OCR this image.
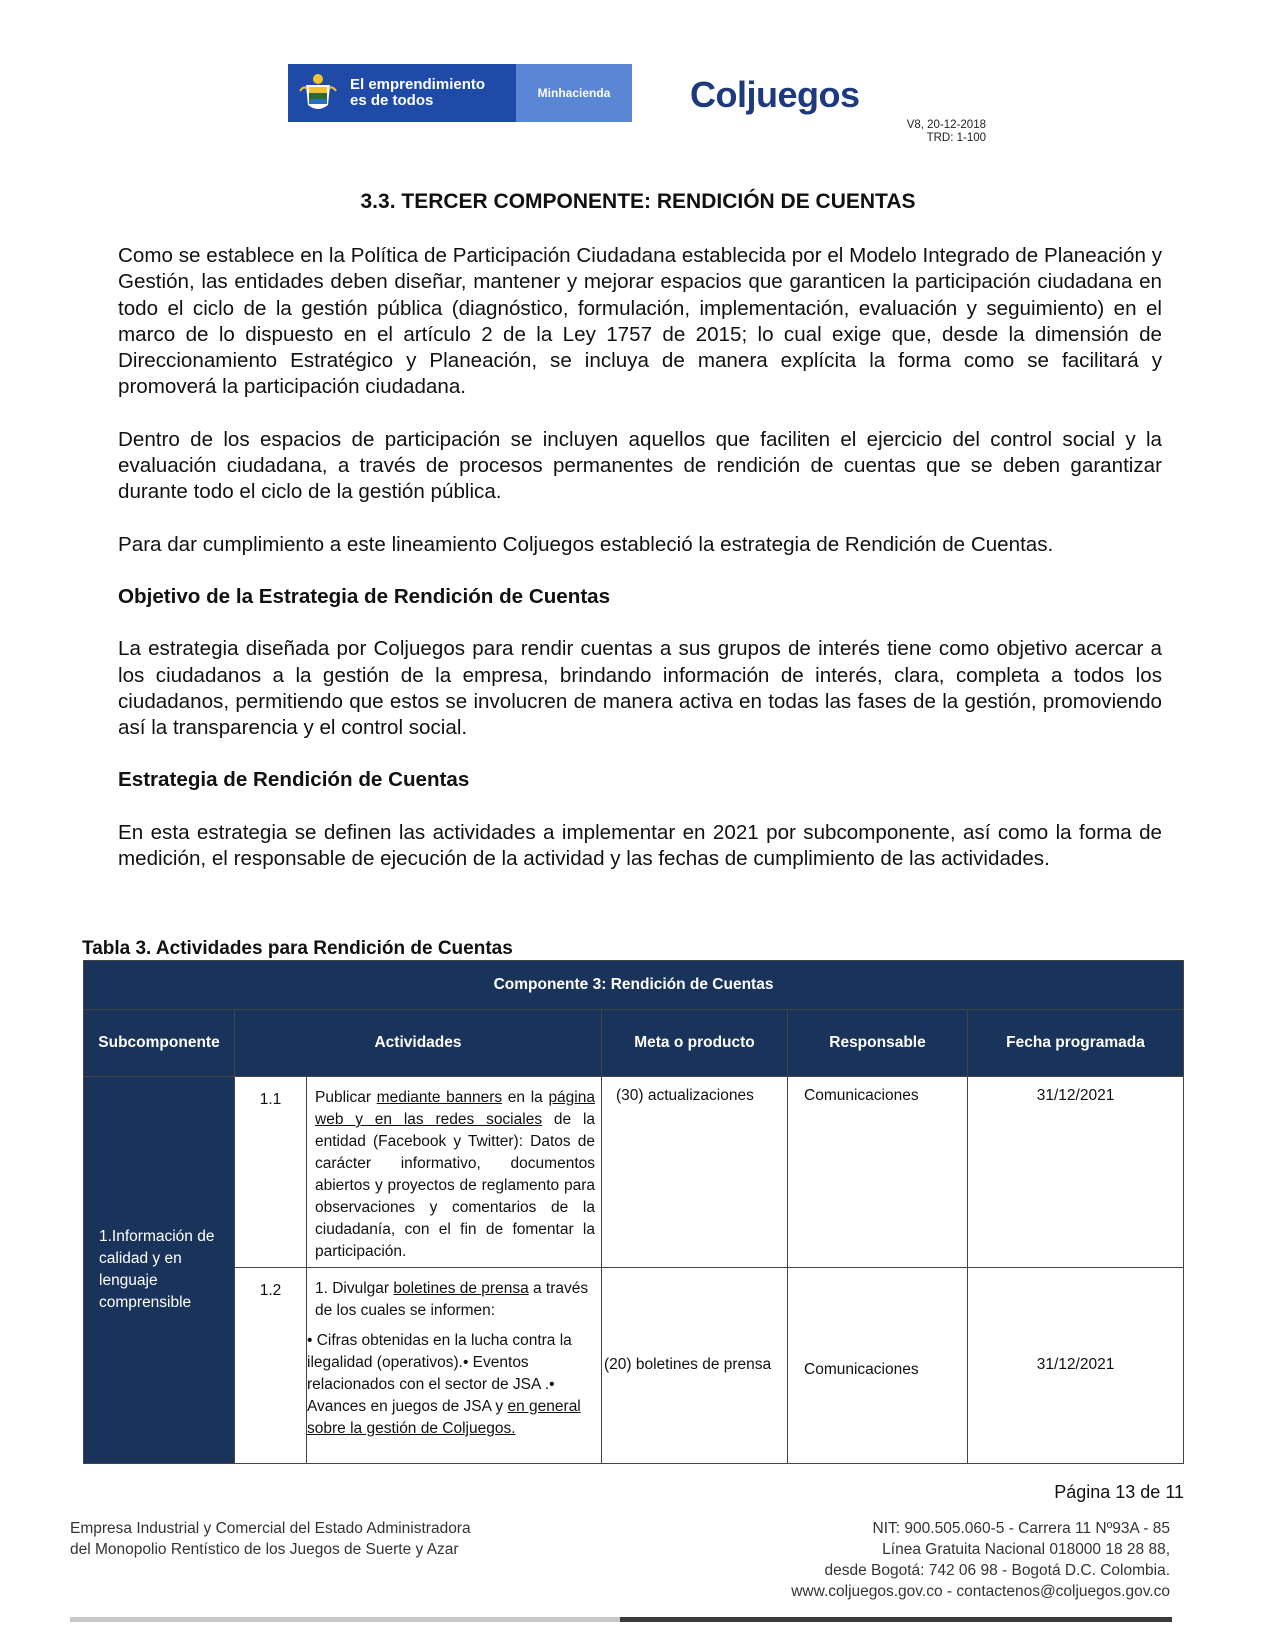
El emprendimiento
es de todos	Minhacienda	Coljuegos
V8, 20-12-2018
TRD: 1-100
3.3. TERCER COMPONENTE: RENDICIÓN DE CUENTAS

Como se establece en la Política de Participación Ciudadana establecida por el Modelo Integrado de Planeación y Gestión, las entidades deben diseñar, mantener y mejorar espacios que garanticen la participación ciudadana en todo el ciclo de la gestión pública (diagnóstico, formulación, implementación, evaluación y seguimiento) en el marco de lo dispuesto en el artículo 2 de la Ley 1757 de 2015; lo cual exige que, desde la dimensión de Direccionamiento Estratégico y Planeación, se incluya de manera explícita la forma como se facilitará y promoverá la participación ciudadana.

Dentro de los espacios de participación se incluyen aquellos que faciliten el ejercicio del control social y la evaluación ciudadana, a través de procesos permanentes de rendición de cuentas que se deben garantizar durante todo el ciclo de la gestión pública.

Para dar cumplimiento a este lineamiento Coljuegos estableció la estrategia de Rendición de Cuentas.

Objetivo de la Estrategia de Rendición de Cuentas

La estrategia diseñada por Coljuegos para rendir cuentas a sus grupos de interés tiene como objetivo acercar a los ciudadanos a la gestión de la empresa, brindando información de interés, clara, completa a todos los ciudadanos, permitiendo que estos se involucren de manera activa en todas las fases de la gestión, promoviendo así la transparencia y el control social.

Estrategia de Rendición de Cuentas

En esta estrategia se definen las actividades a implementar en 2021 por subcomponente, así como la forma de medición, el responsable de ejecución de la actividad y las fechas de cumplimiento de las actividades.

Tabla 3. Actividades para Rendición de Cuentas
Componente 3: Rendición de Cuentas					
Subcomponente	Actividades		Meta o producto	Responsable	Fecha programada
1.Información de calidad y en lenguaje comprensible	1.1	Publicar mediante banners en la página web y en las redes sociales de la entidad (Facebook y Twitter): Datos de carácter informativo, documentos abiertos y proyectos de reglamento para observaciones y comentarios de la ciudadanía, con el fin de fomentar la participación.	(30) actualizaciones	Comunicaciones	31/12/2021
	1.2	1. Divulgar boletines de prensa a través de los cuales se informen:
• Cifras obtenidas en la lucha contra la ilegalidad (operativos).• Eventos relacionados con el sector de JSA .• Avances en juegos de JSA y en general sobre la gestión de Coljuegos.	(20) boletines de prensa	Comunicaciones	31/12/2021
Página 13 de 11
Empresa Industrial y Comercial del Estado Administradora
del Monopolio Rentístico de los Juegos de Suerte y Azar
NIT: 900.505.060-5 - Carrera 11 Nº93A - 85
Línea Gratuita Nacional 018000 18 28 88,
desde Bogotá: 742 06 98 - Bogotá D.C. Colombia.
www.coljuegos.gov.co - contactenos@coljuegos.gov.co
